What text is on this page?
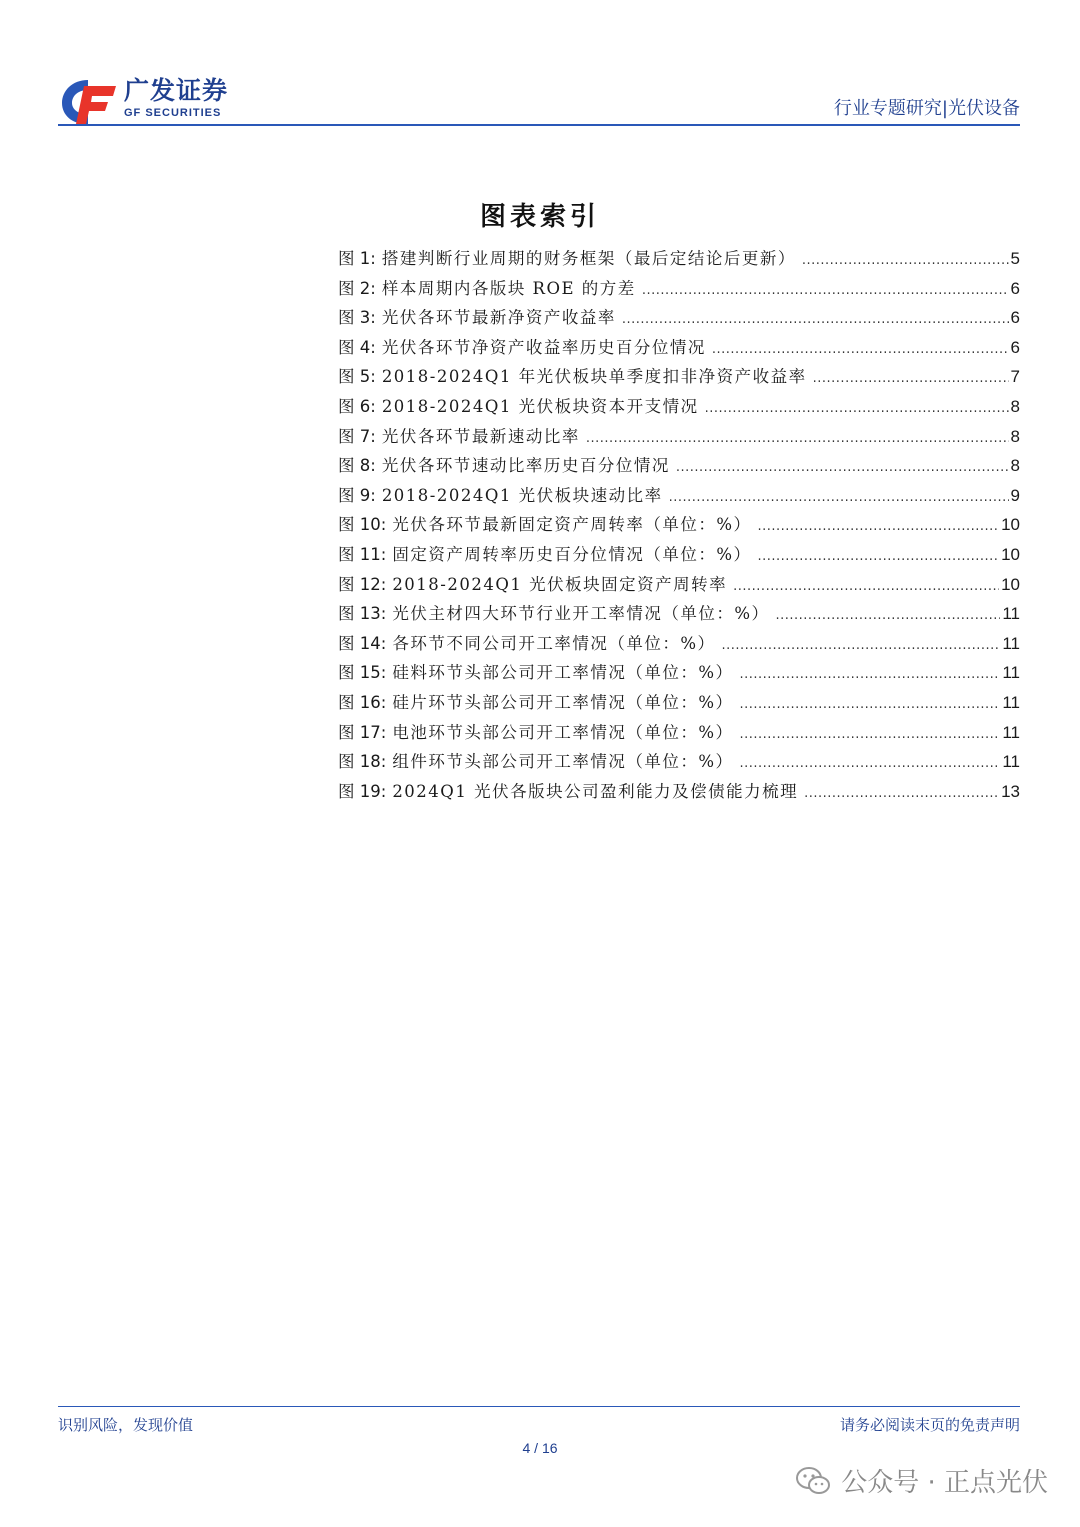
广发证券
GF SECURITIES	行业专题研究|光伏设备
图表索引
图 1: 搭建判断行业周期的财务框架（最后定结论后更新） .....	5
图 2: 样本周期内各版块 ROE 的方差 .....	6
图 3: 光伏各环节最新净资产收益率 .....	6
图 4: 光伏各环节净资产收益率历史百分位情况 .....	6
图 5: 2018-2024Q1 年光伏板块单季度扣非净资产收益率 .....	7
图 6: 2018-2024Q1 光伏板块资本开支情况 .....	8
图 7: 光伏各环节最新速动比率 .....	8
图 8: 光伏各环节速动比率历史百分位情况 .....	8
图 9: 2018-2024Q1 光伏板块速动比率 .....	9
图 10: 光伏各环节最新固定资产周转率（单位：%） .....	10
图 11: 固定资产周转率历史百分位情况（单位：%） .....	10
图 12: 2018-2024Q1 光伏板块固定资产周转率 .....	10
图 13: 光伏主材四大环节行业开工率情况（单位：%） .....	11
图 14: 各环节不同公司开工率情况（单位：%） .....	11
图 15: 硅料环节头部公司开工率情况（单位：%） .....	11
图 16: 硅片环节头部公司开工率情况（单位：%） .....	11
图 17: 电池环节头部公司开工率情况（单位：%） .....	11
图 18: 组件环节头部公司开工率情况（单位：%） .....	11
图 19: 2024Q1 光伏各版块公司盈利能力及偿债能力梳理 .....	13
识别风险，发现价值	请务必阅读末页的免责声明
4 / 16
公众号 · 正点光伏
